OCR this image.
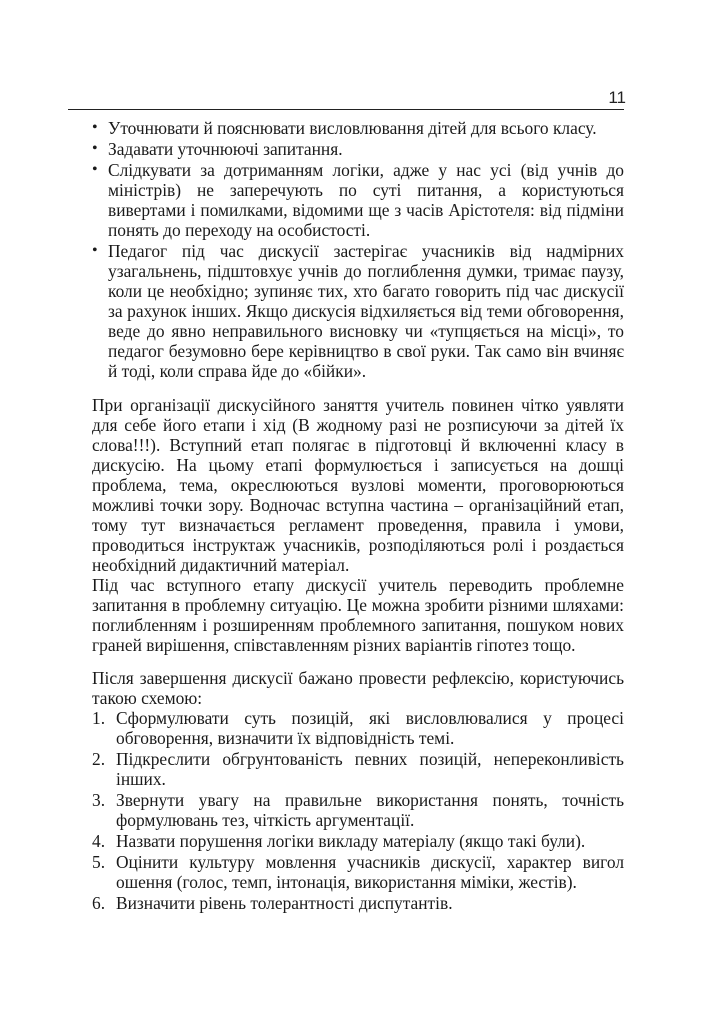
11
• Уточнювати й пояснювати висловлювання дітей для всього класу.
• Задавати уточнюючі запитання.
• Слідкувати за дотриманням логіки, адже у нас усі (від учнів до міністрів) не заперечують по суті питання, а користуються вивертами і помилками, відомими ще з часів Арістотеля: від підміни понять до переходу на особистості.
• Педагог під час дискусії застерігає учасників від надмірних узагальнень, підштовхує учнів до поглиблення думки, тримає паузу, коли це необхідно; зупиняє тих, хто багато говорить під час дискусії за рахунок інших. Якщо дискусія відхиляється від теми обговорення, веде до явно неправильного висновку чи «тупцяється на місці», то педагог безумовно бере керівництво в свої руки. Так само він вчиняє й тоді, коли справа йде до «бійки».

При організації дискусійного заняття учитель повинен чітко уявляти для себе його етапи і хід (В жодному разі не розписуючи за дітей їх слова!!!). Вступний етап полягає в підготовці й включенні класу в дискусію. На цьому етапі формулюється і записується на дошці проблема, тема, окреслюються вузлові моменти, проговорюються можливі точки зору. Водночас вступна частина – організаційний етап, тому тут визначається регламент проведення, правила і умови, проводиться інструктаж учасників, розподіляються ролі і роздається необхідний дидактичний матеріал.

Під час вступного етапу дискусії учитель переводить проблемне запитання в проблемну ситуацію. Це можна зробити різними шляхами: поглибленням і розширенням проблемного запитання, пошуком нових граней вирішення, співставленням різних варіантів гіпотез тощо.

Після завершення дискусії бажано провести рефлексію, користуючись такою схемою:

1. Сформулювати суть позицій, які висловлювалися у процесі обговорення, визначити їх відповідність темі.
2. Підкреслити обгрунтованість певних позицій, непереконливість інших.
3. Звернути увагу на правильне використання понять, точність формулювань тез, чіткість аргументації.
4. Назвати порушення логіки викладу матеріалу (якщо такі були).
5. Оцінити культуру мовлення учасників дискусії, характер вигол ошення (голос, темп, інтонація, використання міміки, жестів).
6. Визначити рівень толерантності диспутантів.
